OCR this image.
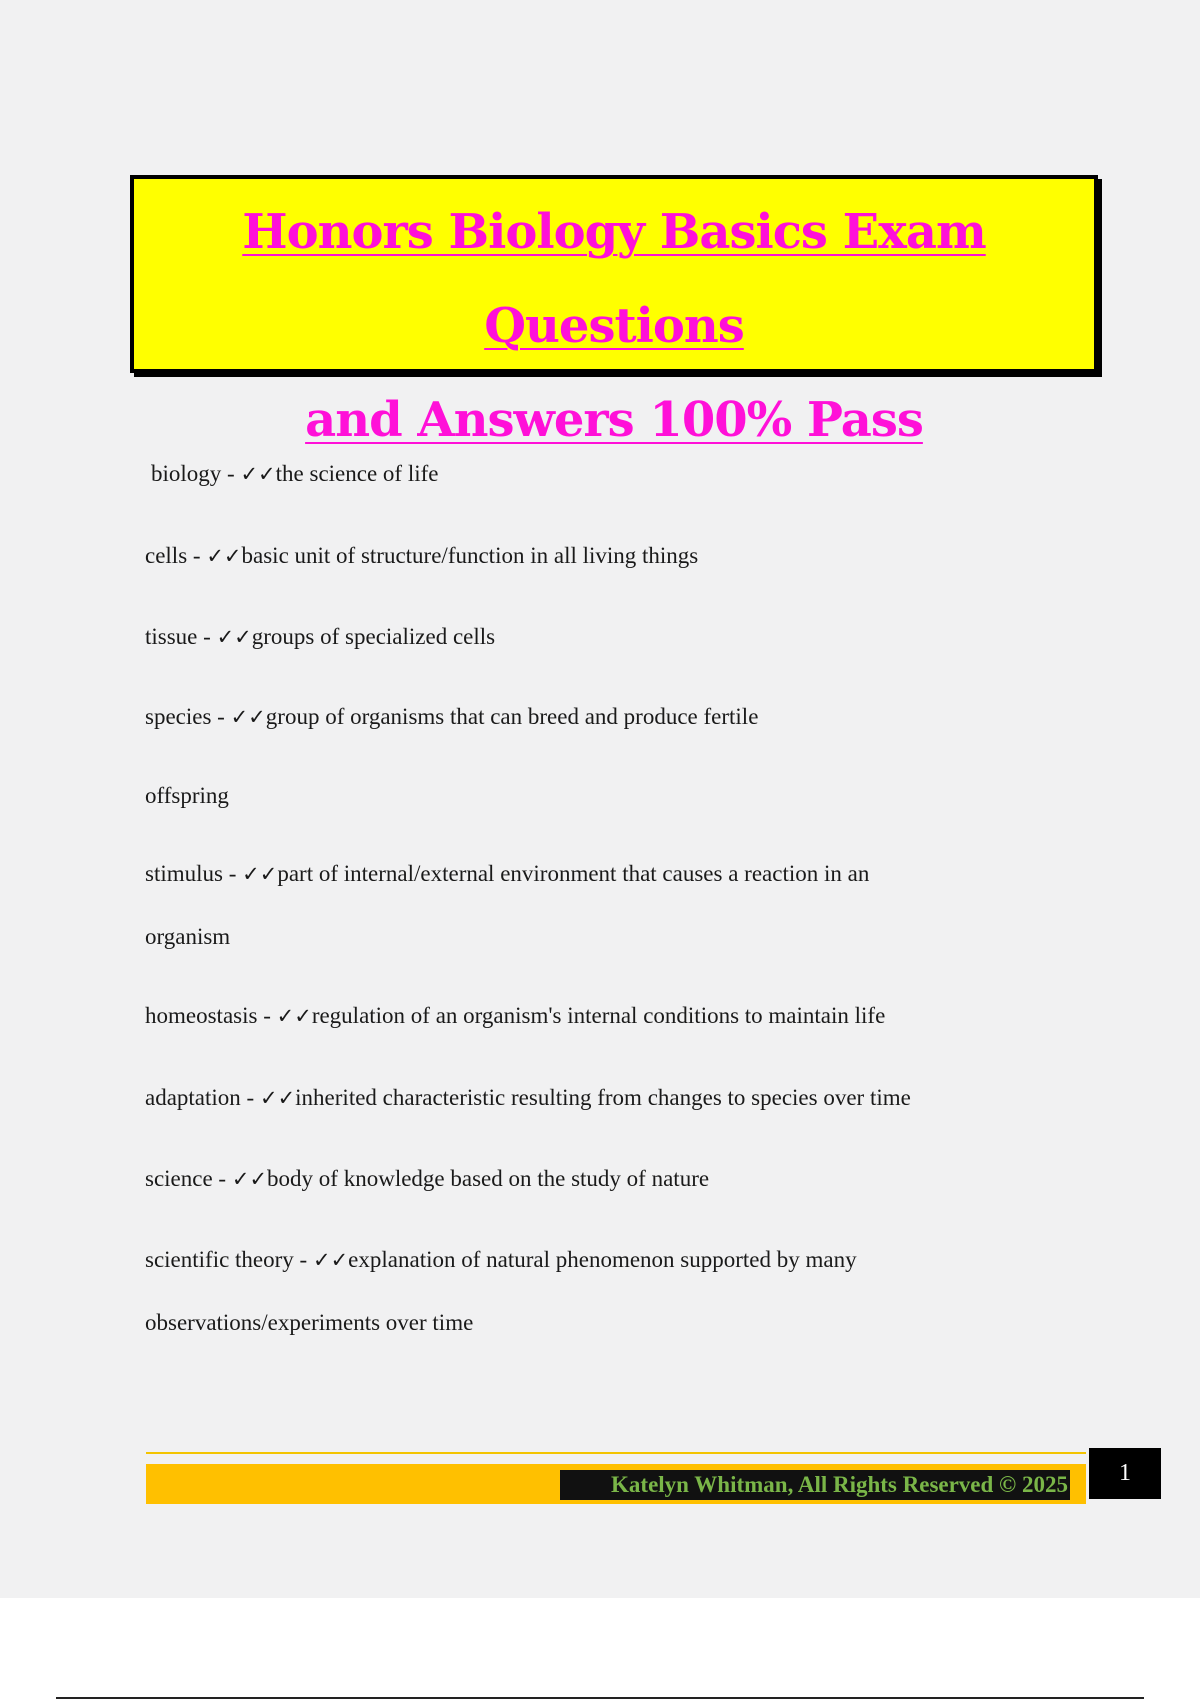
Honors Biology Basics Exam Questions
and Answers 100% Pass
biology - ✓✓the science of life
cells - ✓✓basic unit of structure/function in all living things
tissue - ✓✓groups of specialized cells
species - ✓✓group of organisms that can breed and produce fertile
offspring
stimulus - ✓✓part of internal/external environment that causes a reaction in an
organism
homeostasis - ✓✓regulation of an organism's internal conditions to maintain life
adaptation - ✓✓inherited characteristic resulting from changes to species over time
science - ✓✓body of knowledge based on the study of nature
scientific theory - ✓✓explanation of natural phenomenon supported by many
observations/experiments over time
Katelyn Whitman, All Rights Reserved © 2025	1
